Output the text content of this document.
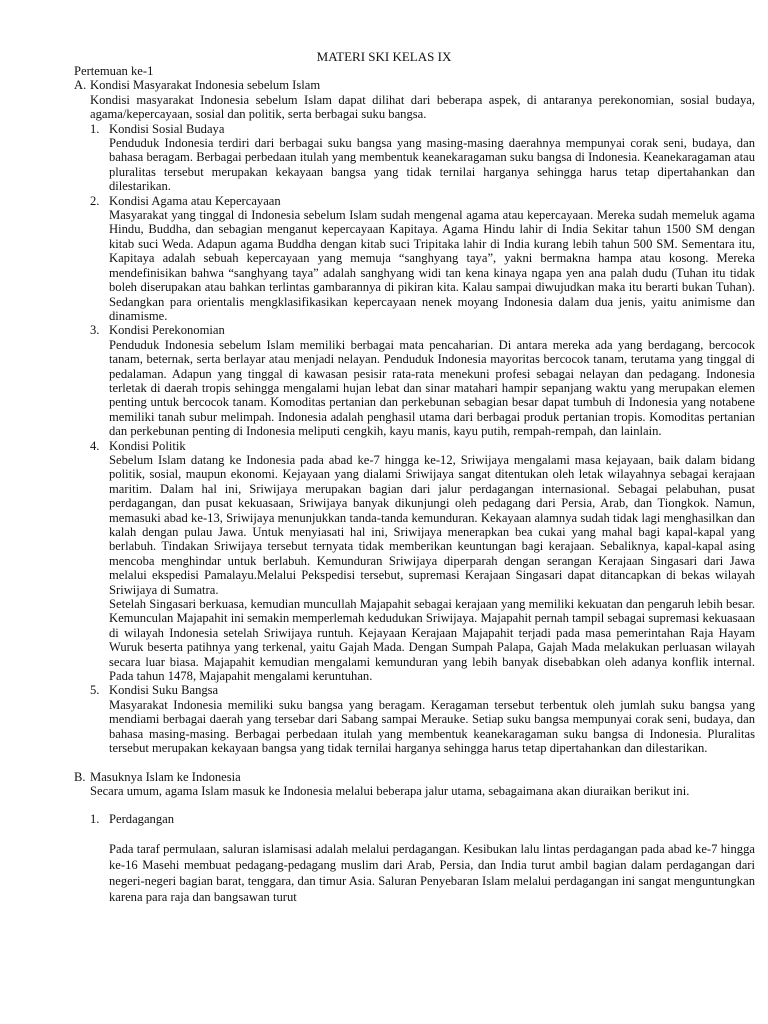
MATERI SKI KELAS IX
Pertemuan ke-1
A. Kondisi Masyarakat Indonesia sebelum Islam
Kondisi masyarakat Indonesia sebelum Islam dapat dilihat dari beberapa aspek, di antaranya perekonomian, sosial budaya, agama/kepercayaan, sosial dan politik, serta berbagai suku bangsa.
1. Kondisi Sosial Budaya
Penduduk Indonesia terdiri dari berbagai suku bangsa yang masing-masing daerahnya mempunyai corak seni, budaya, dan bahasa beragam. Berbagai perbedaan itulah yang membentuk keanekaragaman suku bangsa di Indonesia. Keanekaragaman atau pluralitas tersebut merupakan kekayaan bangsa yang tidak ternilai harganya sehingga harus tetap dipertahankan dan dilestarikan.
2. Kondisi Agama atau Kepercayaan
Masyarakat yang tinggal di Indonesia sebelum Islam sudah mengenal agama atau kepercayaan. Mereka sudah memeluk agama Hindu, Buddha, dan sebagian menganut kepercayaan Kapitaya. Agama Hindu lahir di India Sekitar tahun 1500 SM dengan kitab suci Weda. Adapun agama Buddha dengan kitab suci Tripitaka lahir di India kurang lebih tahun 500 SM. Sementara itu, Kapitaya adalah sebuah kepercayaan yang memuja “sanghyang taya”, yakni bermakna hampa atau kosong. Mereka mendefinisikan bahwa “sanghyang taya” adalah sanghyang widi tan kena kinaya ngapa yen ana palah dudu (Tuhan itu tidak boleh diserupakan atau bahkan terlintas gambarannya di pikiran kita. Kalau sampai diwujudkan maka itu berarti bukan Tuhan). Sedangkan para orientalis mengklasifikasikan kepercayaan nenek moyang Indonesia dalam dua jenis, yaitu animisme dan dinamisme.
3. Kondisi Perekonomian
Penduduk Indonesia sebelum Islam memiliki berbagai mata pencaharian. Di antara mereka ada yang berdagang, bercocok tanam, beternak, serta berlayar atau menjadi nelayan. Penduduk Indonesia mayoritas bercocok tanam, terutama yang tinggal di pedalaman. Adapun yang tinggal di kawasan pesisir rata-rata menekuni profesi sebagai nelayan dan pedagang. Indonesia terletak di daerah tropis sehingga mengalami hujan lebat dan sinar matahari hampir sepanjang waktu yang merupakan elemen penting untuk bercocok tanam. Komoditas pertanian dan perkebunan sebagian besar dapat tumbuh di Indonesia yang notabene memiliki tanah subur melimpah. Indonesia adalah penghasil utama dari berbagai produk pertanian tropis. Komoditas pertanian dan perkebunan penting di Indonesia meliputi cengkih, kayu manis, kayu putih, rempah-rempah, dan lainlain.
4. Kondisi Politik
Sebelum Islam datang ke Indonesia pada abad ke-7 hingga ke-12, Sriwijaya mengalami masa kejayaan, baik dalam bidang politik, sosial, maupun ekonomi. Kejayaan yang dialami Sriwijaya sangat ditentukan oleh letak wilayahnya sebagai kerajaan maritim. Dalam hal ini, Sriwijaya merupakan bagian dari jalur perdagangan internasional. Sebagai pelabuhan, pusat perdagangan, dan pusat kekuasaan, Sriwijaya banyak dikunjungi oleh pedagang dari Persia, Arab, dan Tiongkok. Namun, memasuki abad ke-13, Sriwijaya menunjukkan tanda-tanda kemunduran. Kekayaan alamnya sudah tidak lagi menghasilkan dan kalah dengan pulau Jawa. Untuk menyiasati hal ini, Sriwijaya menerapkan bea cukai yang mahal bagi kapal-kapal yang berlabuh. Tindakan Sriwijaya tersebut ternyata tidak memberikan keuntungan bagi kerajaan. Sebaliknya, kapal-kapal asing mencoba menghindar untuk berlabuh. Kemunduran Sriwijaya diperparah dengan serangan Kerajaan Singasari dari Jawa melalui ekspedisi Pamalayu.Melalui Pekspedisi tersebut, supremasi Kerajaan Singasari dapat ditancapkan di bekas wilayah Sriwijaya di Sumatra.
Setelah Singasari berkuasa, kemudian muncullah Majapahit sebagai kerajaan yang memiliki kekuatan dan pengaruh lebih besar. Kemunculan Majapahit ini semakin memperlemah kedudukan Sriwijaya. Majapahit pernah tampil sebagai supremasi kekuasaan di wilayah Indonesia setelah Sriwijaya runtuh. Kejayaan Kerajaan Majapahit terjadi pada masa pemerintahan Raja Hayam Wuruk beserta patihnya yang terkenal, yaitu Gajah Mada. Dengan Sumpah Palapa, Gajah Mada melakukan perluasan wilayah secara luar biasa. Majapahit kemudian mengalami kemunduran yang lebih banyak disebabkan oleh adanya konflik internal. Pada tahun 1478, Majapahit mengalami keruntuhan.
5. Kondisi Suku Bangsa
Masyarakat Indonesia memiliki suku bangsa yang beragam. Keragaman tersebut terbentuk oleh jumlah suku bangsa yang mendiami berbagai daerah yang tersebar dari Sabang sampai Merauke. Setiap suku bangsa mempunyai corak seni, budaya, dan bahasa masing-masing. Berbagai perbedaan itulah yang membentuk keanekaragaman suku bangsa di Indonesia. Pluralitas tersebut merupakan kekayaan bangsa yang tidak ternilai harganya sehingga harus tetap dipertahankan dan dilestarikan.
B. Masuknya Islam ke Indonesia
Secara umum, agama Islam masuk ke Indonesia melalui beberapa jalur utama, sebagaimana akan diuraikan berikut ini.
1. Perdagangan
Pada taraf permulaan, saluran islamisasi adalah melalui perdagangan. Kesibukan lalu lintas perdagangan pada abad ke-7 hingga ke-16 Masehi membuat pedagang-pedagang muslim dari Arab, Persia, dan India turut ambil bagian dalam perdagangan dari negeri-negeri bagian barat, tenggara, dan timur Asia. Saluran Penyebaran Islam melalui perdagangan ini sangat menguntungkan karena para raja dan bangsawan turut
